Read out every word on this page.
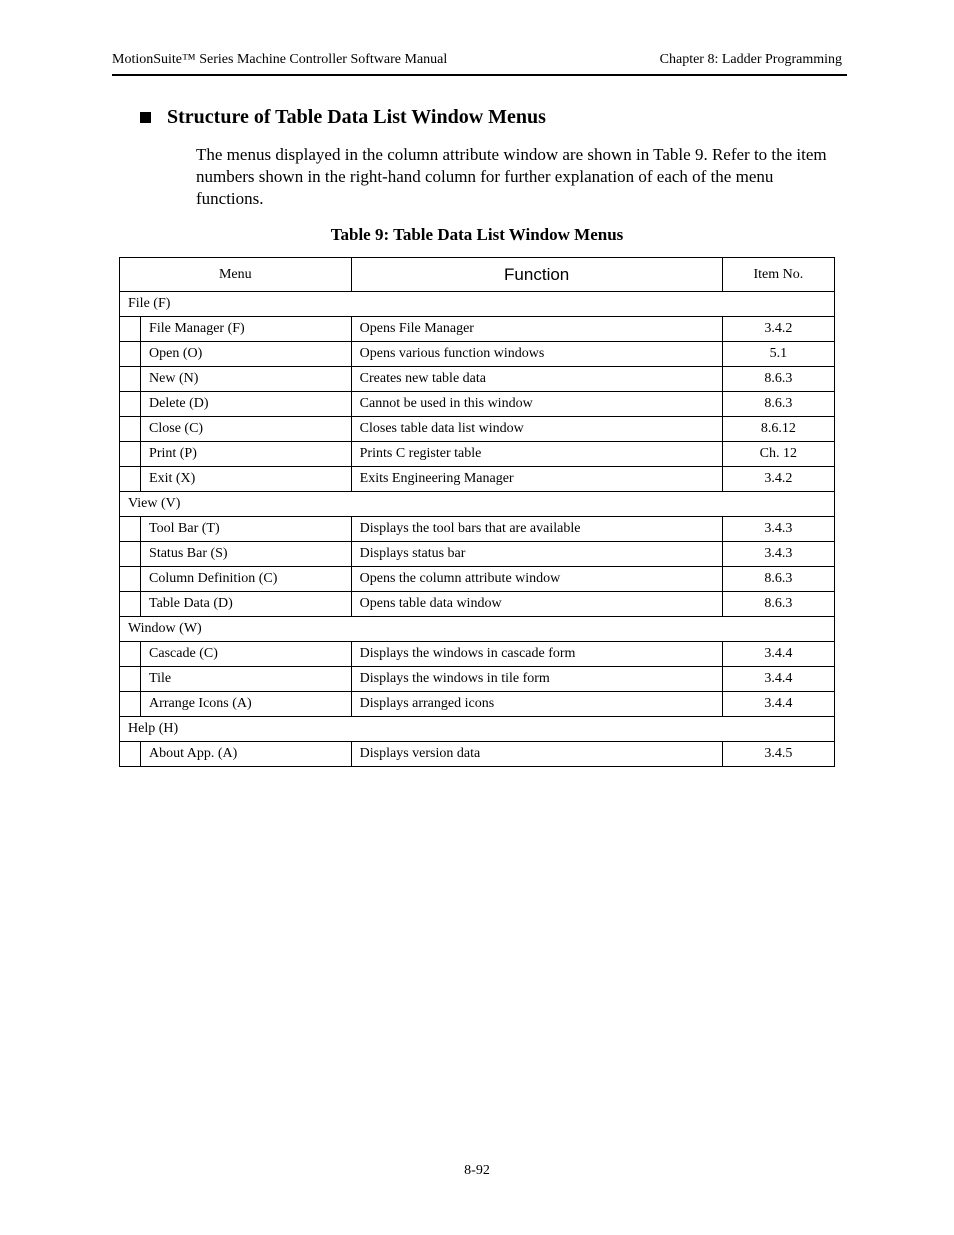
MotionSuite™ Series Machine Controller Software Manual	Chapter 8: Ladder Programming
Structure of Table Data List Window Menus
The menus displayed in the column attribute window are shown in Table 9. Refer to the item numbers shown in the right-hand column for further explanation of each of the menu functions.
Table 9: Table Data List Window Menus
Menu		Function	Item No.
File (F)			
	File Manager (F)	Opens File Manager	3.4.2
	Open (O)	Opens various function windows	5.1
	New (N)	Creates new table data	8.6.3
	Delete (D)	Cannot be used in this window	8.6.3
	Close (C)	Closes table data list window	8.6.12
	Print (P)	Prints C register table	Ch. 12
	Exit (X)	Exits Engineering Manager	3.4.2
View (V)			
	Tool Bar (T)	Displays the tool bars that are available	3.4.3
	Status Bar (S)	Displays status bar	3.4.3
	Column Definition (C)	Opens the column attribute window	8.6.3
	Table Data (D)	Opens table data window	8.6.3
Window (W)			
	Cascade (C)	Displays the windows in cascade form	3.4.4
	Tile	Displays the windows in tile form	3.4.4
	Arrange Icons (A)	Displays arranged icons	3.4.4
Help (H)			
	About App. (A)	Displays version data	3.4.5
8-92
